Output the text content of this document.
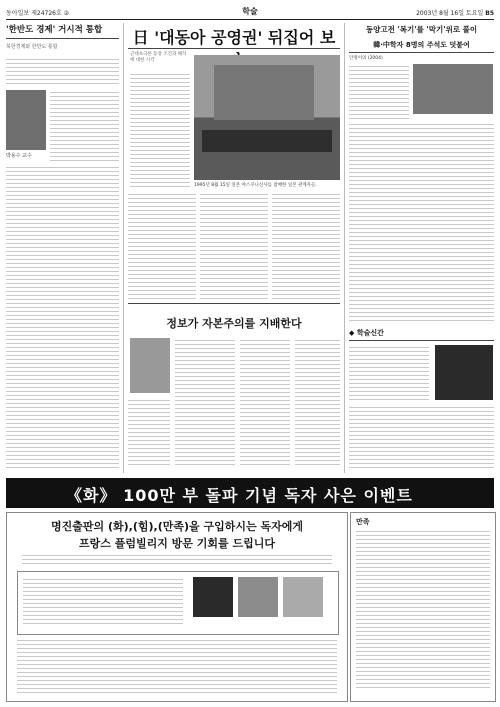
동아일보 제24726호 ②	학술	2003년 8월 16일 토요일 B5
'한반도 경제' 거시적 통합
북한경제와 한반도 통합
박용수 교수
日 '대동아 공영권' 뒤집어 보
근대초극론 등장 조건과 해석에 대한 시각
1995년 8월 15일 일본 야스쿠니신사를 참배한 일본 관계자들.
정보가 자본주의를 지배한다
동양고전 '복기'를 '막기'위로 풀이
韓·中학자 8명의 주석도 덧붙여
안정이의 (2004)
◆ 학술신간
《화》 100만 부 돌파 기념 독자 사은 이벤트
명진출판의 (화),(힘),(만족)을 구입하시는 독자에게
프랑스 플럼빌리지 방문 기회를 드립니다
만족
